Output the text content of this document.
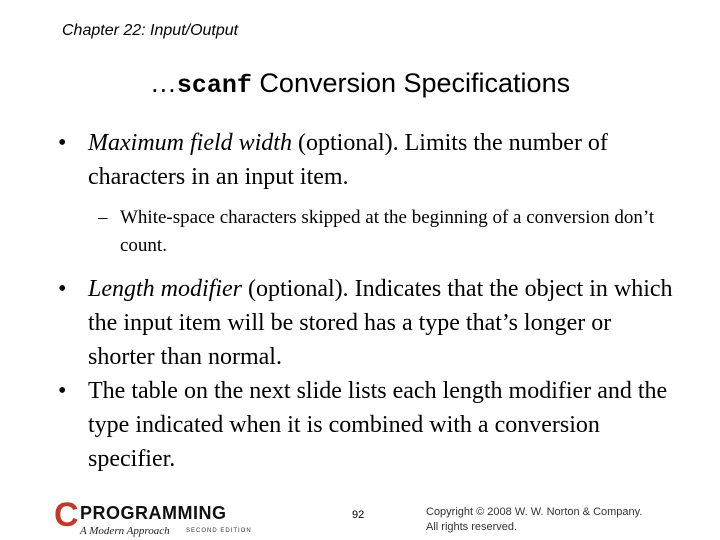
Chapter 22: Input/Output
…scanf Conversion Specifications
• Maximum field width (optional). Limits the number of characters in an input item.
– White-space characters skipped at the beginning of a conversion don’t count.
• Length modifier (optional). Indicates that the object in which the input item will be stored has a type that’s longer or shorter than normal.
• The table on the next slide lists each length modifier and the type indicated when it is combined with a conversion specifier.
C PROGRAMMING
A Modern Approach	SECOND EDITION
92	Copyright © 2008 W. W. Norton & Company.
All rights reserved.
